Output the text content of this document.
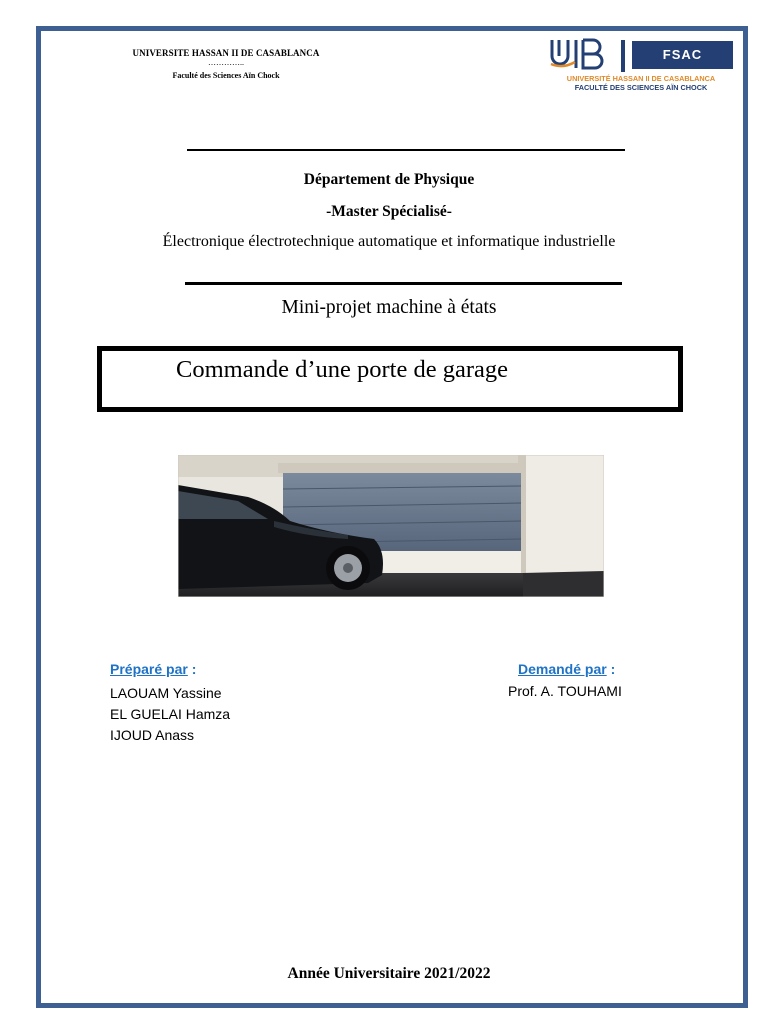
UNIVERSITE HASSAN II DE CASABLANCA
…………..
Faculté des Sciences Aïn Chock
FSAC
UNIVERSITÉ HASSAN II DE CASABLANCA
FACULTÉ DES SCIENCES AÏN CHOCK
Département de Physique
-Master Spécialisé-
Électronique électrotechnique automatique et informatique industrielle
Mini-projet machine à états
Commande d’une porte de garage
Préparé par :	Demandé par :
LAOUAM Yassine
EL GUELAI Hamza
IJOUD Anass
Prof. A. TOUHAMI
Année Universitaire 2021/2022
